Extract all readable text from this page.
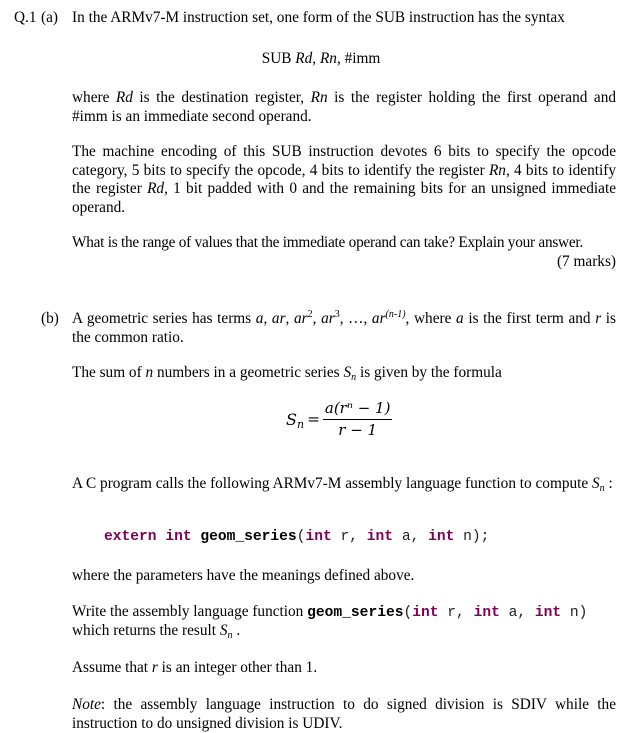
Q.1 (a) In the ARMv7-M instruction set, one form of the SUB instruction has the syntax
SUB Rd, Rn, #imm
where Rd is the destination register, Rn is the register holding the first operand and #imm is an immediate second operand.
The machine encoding of this SUB instruction devotes 6 bits to specify the opcode category, 5 bits to specify the opcode, 4 bits to identify the register Rn, 4 bits to identify the register Rd, 1 bit padded with 0 and the remaining bits for an unsigned immediate operand.
What is the range of values that the immediate operand can take? Explain your answer.
(7 marks)
(b) A geometric series has terms a, ar, $ar^2$, $ar^3$, …, $ar^{(n-1)}$, where a is the first term and r is the common ratio.
The sum of n numbers in a geometric series $S_n$ is given by the formula
$S_n = \frac{\text{a(rⁿ − 1)}}{r - 1}$
A C program calls the following ARMv7-M assembly language function to compute $S_n$ :
extern int geom_series(int r, int a, int n);
where the parameters have the meanings defined above.
Write the assembly language function geom_series(int r, int a, int n)
which returns the result $S_n$ .
Assume that r is an integer other than 1.
Note: the assembly language instruction to do signed division is SDIV while the instruction to do unsigned division is UDIV.
